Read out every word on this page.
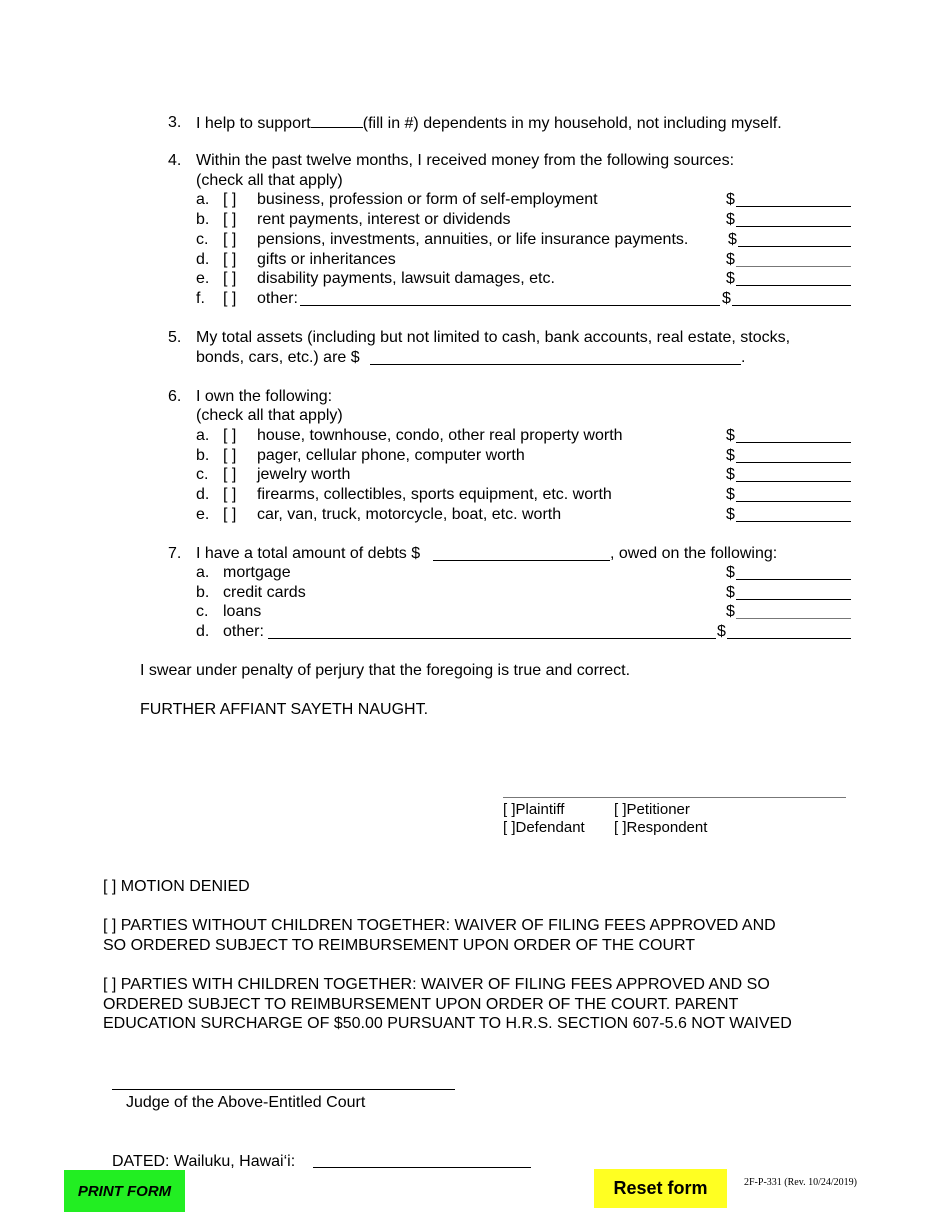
3. I help to support	(fill in #) dependents in my household, not including myself.
4. Within the past twelve months, I received money from the following sources:
(check all that apply)
a. [ ] business, profession or form of self-employment	$
b. [ ] rent payments, interest or dividends	$
c. [ ] pensions, investments, annuities, or life insurance payments. $
d. [ ] gifts or inheritances	$
e. [ ] disability payments, lawsuit damages, etc.	$
f. [ ] other:	$
5. My total assets (including but not limited to cash, bank accounts, real estate, stocks,
bonds, cars, etc.) are $	.
6. I own the following:
(check all that apply)
a. [ ] house, townhouse, condo, other real property worth	$
b. [ ] pager, cellular phone, computer worth	$
c. [ ] jewelry worth	$
d. [ ] firearms, collectibles, sports equipment, etc. worth	$
e. [ ] car, van, truck, motorcycle, boat, etc. worth	$
7. I have a total amount of debts $	, owed on the following:
a. mortgage	$
b. credit cards	$
c. loans	$
d. other:	$
I swear under penalty of perjury that the foregoing is true and correct.
FURTHER AFFIANT SAYETH NAUGHT.
[ ]Plaintiff	[ ]Petitioner
[ ]Defendant [ ]Respondent
[ ] MOTION DENIED
[ ] PARTIES WITHOUT CHILDREN TOGETHER: WAIVER OF FILING FEES APPROVED AND
SO ORDERED SUBJECT TO REIMBURSEMENT UPON ORDER OF THE COURT
[ ] PARTIES WITH CHILDREN TOGETHER: WAIVER OF FILING FEES APPROVED AND SO
ORDERED SUBJECT TO REIMBURSEMENT UPON ORDER OF THE COURT. PARENT
EDUCATION SURCHARGE OF $50.00 PURSUANT TO H.R.S. SECTION 607-5.6 NOT WAIVED
Judge of the Above-Entitled Court
DATED: Wailuku, Hawai‘i:
PRINT FORM	Reset form	2F-P-331 (Rev. 10/24/2019)
